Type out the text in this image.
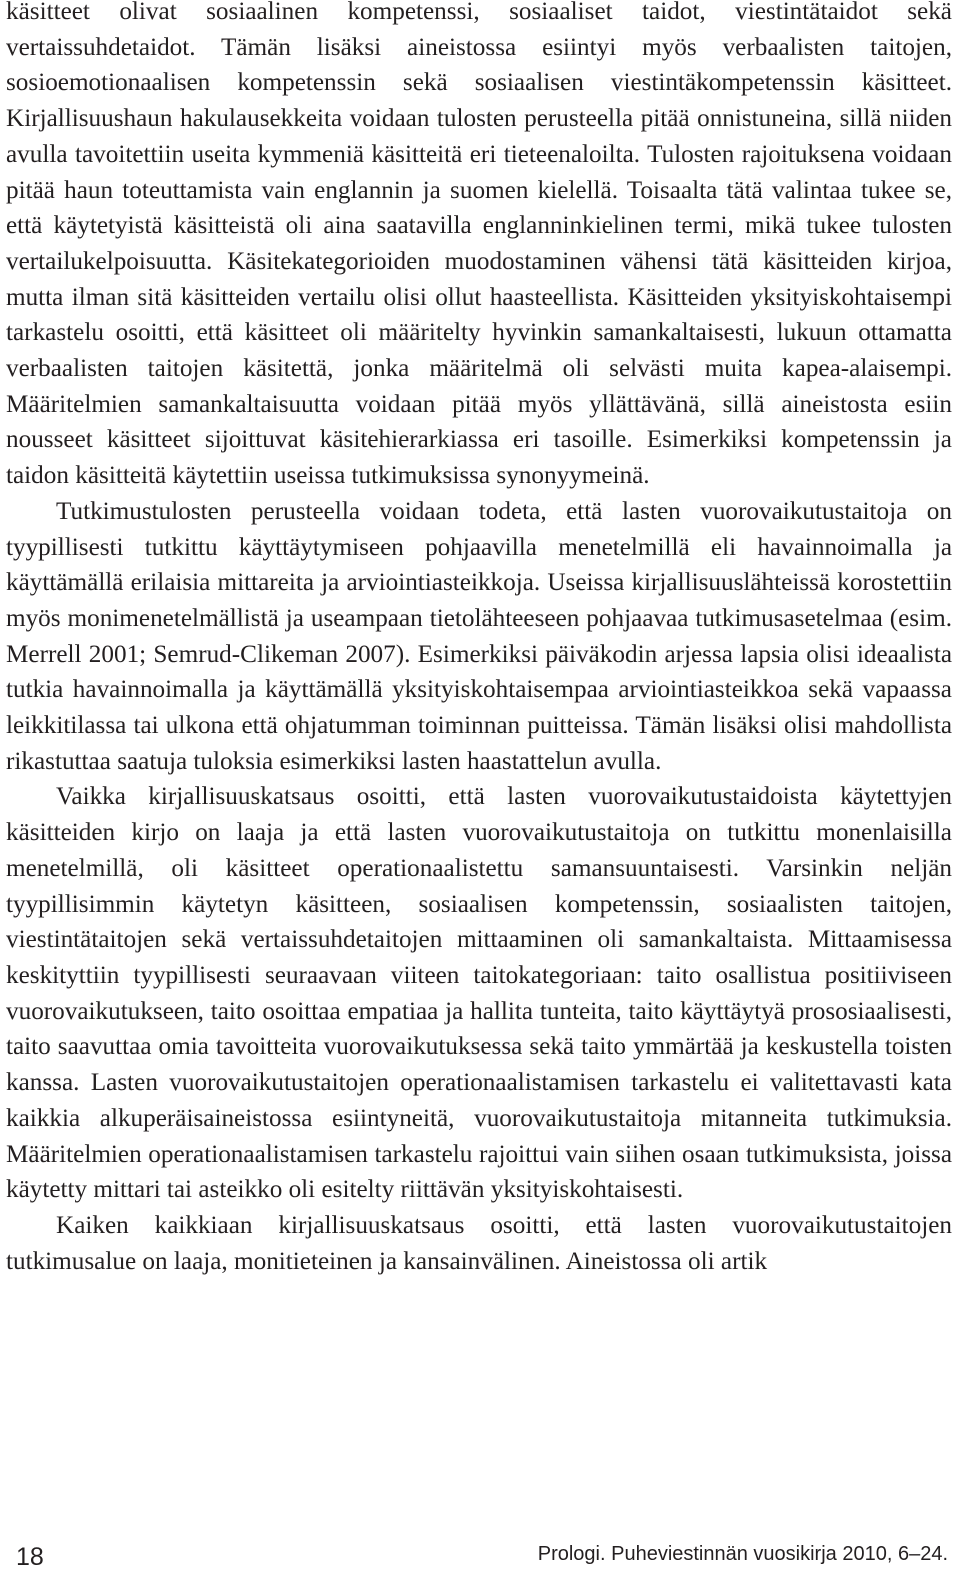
käsitteet olivat sosiaalinen kompetenssi, sosiaaliset taidot, viestintätaidot sekä vertaissuhdetaidot. Tämän lisäksi aineistossa esiintyi myös verbaalisten taitojen, sosioemotionaalisen kompetenssin sekä sosiaalisen viestintäkompetenssin käsitteet. Kirjallisuushaun hakulausekkeita voidaan tulosten perusteella pitää onnistuneina, sillä niiden avulla tavoitettiin useita kymmeniä käsitteitä eri tieteenaloilta. Tulosten rajoituksena voidaan pitää haun toteuttamista vain englannin ja suomen kielellä. Toisaalta tätä valintaa tukee se, että käytetyistä käsitteistä oli aina saatavilla englanninkielinen termi, mikä tukee tulosten vertailukelpoisuutta. Käsitekategorioiden muodostaminen vähensi tätä käsitteiden kirjoa, mutta ilman sitä käsitteiden vertailu olisi ollut haasteellista. Käsitteiden yksityiskohtaisempi tarkastelu osoitti, että käsitteet oli määritelty hyvinkin samankaltaisesti, lukuun ottamatta verbaalisten taitojen käsitettä, jonka määritelmä oli selvästi muita kapea-alaisempi. Määritelmien samankaltaisuutta voidaan pitää myös yllättävänä, sillä aineistosta esiin nousseet käsitteet sijoittuvat käsitehierarkiassa eri tasoille. Esimerkiksi kompetenssin ja taidon käsitteitä käytettiin useissa tutkimuksissa synonyymeinä.

Tutkimustulosten perusteella voidaan todeta, että lasten vuorovaikutustaitoja on tyypillisesti tutkittu käyttäytymiseen pohjaavilla menetelmillä eli havainnoimalla ja käyttämällä erilaisia mittareita ja arviointiasteikkoja. Useissa kirjallisuuslähteissä korostettiin myös monimenetelmällistä ja useampaan tietolähteeseen pohjaavaa tutkimusasetelmaa (esim. Merrell 2001; Semrud-Clikeman 2007). Esimerkiksi päiväkodin arjessa lapsia olisi ideaalista tutkia havainnoimalla ja käyttämällä yksityiskohtaisempaa arviointiasteikkoa sekä vapaassa leikkitilassa tai ulkona että ohjatumman toiminnan puitteissa. Tämän lisäksi olisi mahdollista rikastuttaa saatuja tuloksia esimerkiksi lasten haastattelun avulla.

Vaikka kirjallisuuskatsaus osoitti, että lasten vuorovaikutustaidoista käytettyjen käsitteiden kirjo on laaja ja että lasten vuorovaikutustaitoja on tutkittu monenlaisilla menetelmillä, oli käsitteet operationaalistettu samansuuntaisesti. Varsinkin neljän tyypillisimmin käytetyn käsitteen, sosiaalisen kompetenssin, sosiaalisten taitojen, viestintätaitojen sekä vertaissuhdetaitojen mittaaminen oli samankaltaista. Mittaamisessa keskityttiin tyypillisesti seuraavaan viiteen taitokategoriaan: taito osallistua positiiviseen vuorovaikutukseen, taito osoittaa empatiaa ja hallita tunteita, taito käyttäytyä prososiaalisesti, taito saavuttaa omia tavoitteita vuorovaikutuksessa sekä taito ymmärtää ja keskustella toisten kanssa. Lasten vuorovaikutustaitojen operationaalistamisen tarkastelu ei valitettavasti kata kaikkia alkuperäisaineistossa esiintyneitä, vuorovaikutustaitoja mitanneita tutkimuksia. Määritelmien operationaalistamisen tarkastelu rajoittui vain siihen osaan tutkimuksista, joissa käytetty mittari tai asteikko oli esitelty riittävän yksityiskohtaisesti.

Kaiken kaikkiaan kirjallisuuskatsaus osoitti, että lasten vuorovaikutustaitojen tutkimusalue on laaja, monitieteinen ja kansainvälinen. Aineistossa oli artik

18	Prologi. Puheviestinnän vuosikirja 2010, 6–24.
